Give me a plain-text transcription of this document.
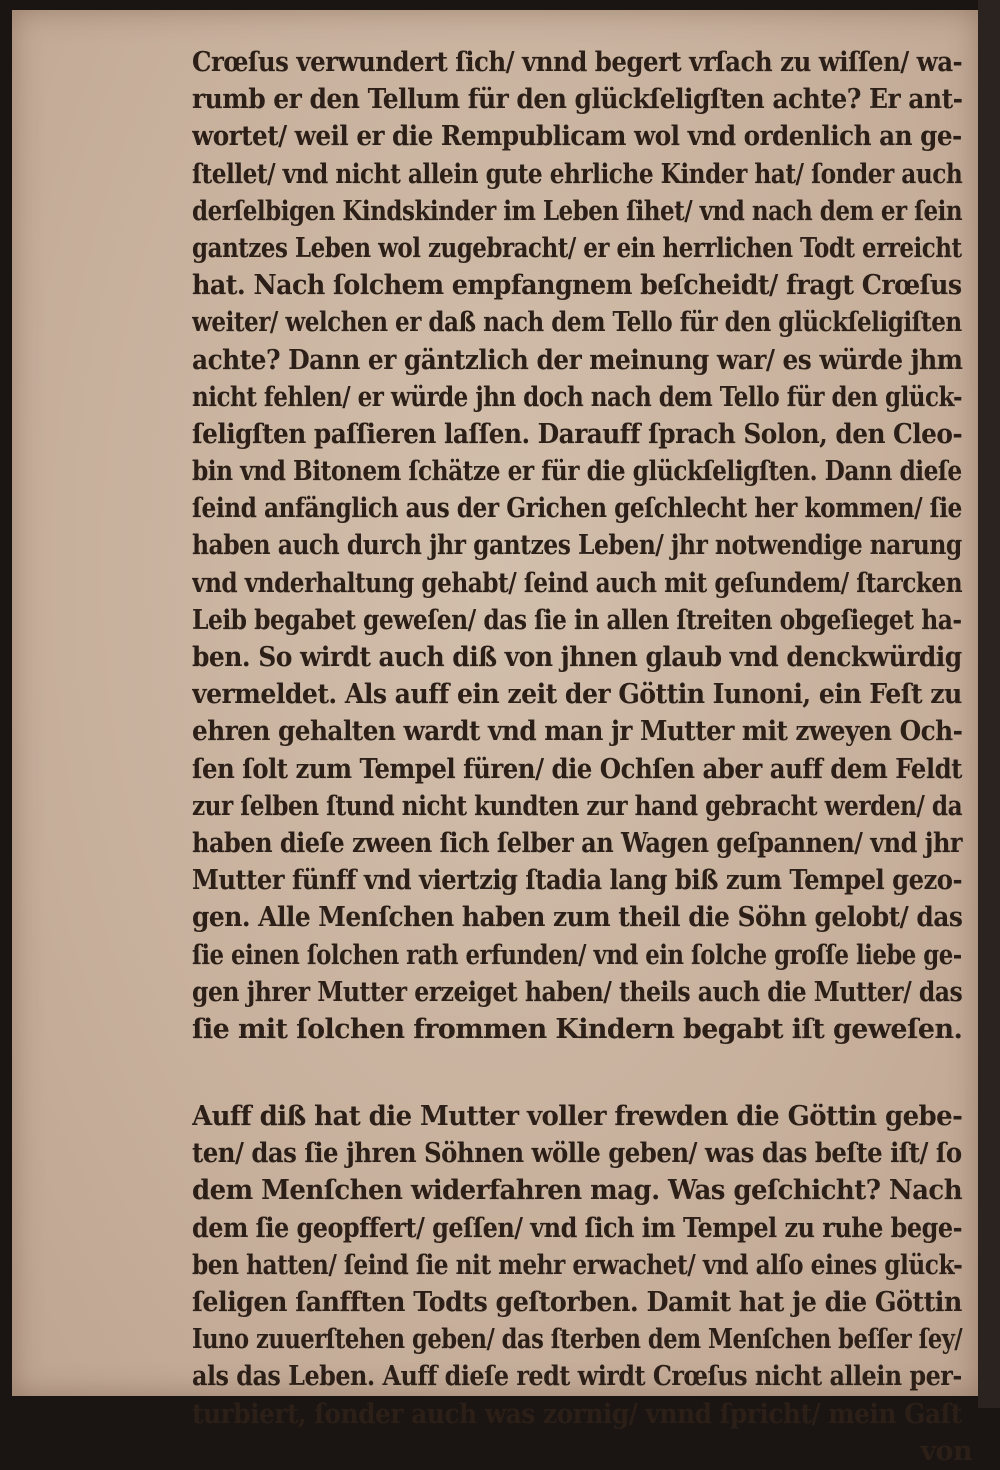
Crœſus verwundert ſich/ vnnd begert vrſach zu wiſſen/ wa-
rumb er den Tellum für den glückſeligſten achte? Er ant-
wortet/ weil er die Rempublicam wol vnd ordenlich an ge-
ſtellet/ vnd nicht allein gute ehrliche Kinder hat/ ſonder auch
derſelbigen Kindskinder im Leben ſihet/ vnd nach dem er ſein
gantzes Leben wol zugebracht/ er ein herrlichen Todt erreicht
hat. Nach ſolchem empfangnem beſcheidt/ fragt Crœſus
weiter/ welchen er daß nach dem Tello für den glückſeligiſten
achte? Dann er gäntzlich der meinung war/ es würde jhm
nicht fehlen/ er würde jhn doch nach dem Tello für den glück-
ſeligſten paſſieren laſſen. Darauff ſprach Solon, den Cleo-
bin vnd Bitonem ſchätze er für die glückſeligſten. Dann dieſe
ſeind anfänglich aus der Grichen geſchlecht her kommen/ ſie
haben auch durch jhr gantzes Leben/ jhr notwendige narung
vnd vnderhaltung gehabt/ ſeind auch mit geſundem/ ſtarcken
Leib begabet geweſen/ das ſie in allen ſtreiten obgeſieget ha-
ben. So wirdt auch diß von jhnen glaub vnd denckwürdig
vermeldet. Als auff ein zeit der Göttin Iunoni, ein Feſt zu
ehren gehalten wardt vnd man jr Mutter mit zweyen Och-
ſen ſolt zum Tempel füren/ die Ochſen aber auff dem Feldt
zur ſelben ſtund nicht kundten zur hand gebracht werden/ da
haben dieſe zween ſich ſelber an Wagen geſpannen/ vnd jhr
Mutter fünff vnd viertzig ſtadia lang biß zum Tempel gezo-
gen. Alle Menſchen haben zum theil die Söhn gelobt/ das
ſie einen ſolchen rath erfunden/ vnd ein ſolche groſſe liebe ge-
gen jhrer Mutter erzeiget haben/ theils auch die Mutter/ das
ſie mit ſolchen frommen Kindern begabt iſt geweſen.
Auff diß hat die Mutter voller frewden die Göttin gebe-
ten/ das ſie jhren Söhnen wölle geben/ was das beſte iſt/ ſo
dem Menſchen widerfahren mag. Was geſchicht? Nach
dem ſie geopffert/ geſſen/ vnd ſich im Tempel zu ruhe bege-
ben hatten/ ſeind ſie nit mehr erwachet/ vnd alſo eines glück-
ſeligen ſanfften Todts geſtorben. Damit hat je die Göttin
Iuno zuuerſtehen geben/ das ſterben dem Menſchen beſſer ſey/
als das Leben. Auff dieſe redt wirdt Crœſus nicht allein per-
turbiert, ſonder auch was zornig/ vnnd ſpricht/ mein Gaſt
von
